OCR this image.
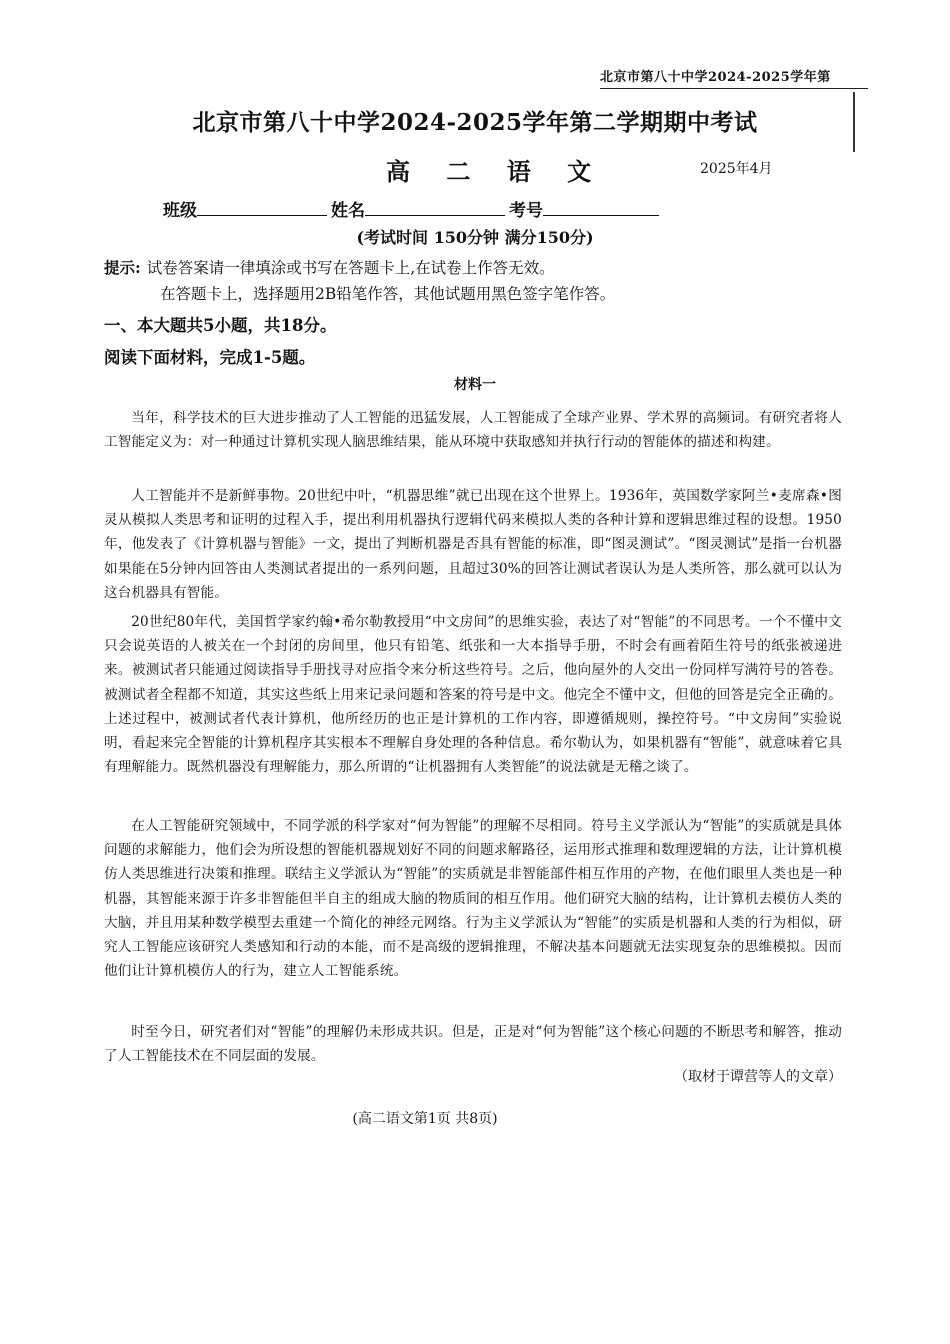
北京市第八十中学2024-2025学年第
北京市第八十中学2024-2025学年第二学期期中考试
高 二 语 文	2025年4月
班级	姓名	考号
(考试时间 150分钟 满分150分)
提示: 试卷答案请一律填涂或书写在答题卡上,在试卷上作答无效。
在答题卡上，选择题用2B铅笔作答，其他试题用黑色签字笔作答。
一、本大题共5小题，共18分。
阅读下面材料，完成1-5题。
材料一

当年，科学技术的巨大进步推动了人工智能的迅猛发展，人工智能成了全球产业界、学术界的高频词。有研究者将人工智能定义为：对一种通过计算机实现人脑思维结果，能从环境中获取感知并执行行动的智能体的描述和构建。

人工智能并不是新鲜事物。20世纪中叶，“机器思维”就已出现在这个世界上。1936年，英国数学家阿兰•麦席森•图灵从模拟人类思考和证明的过程入手，提出利用机器执行逻辑代码来模拟人类的各种计算和逻辑思维过程的设想。1950年，他发表了《计算机器与智能》一文，提出了判断机器是否具有智能的标准，即“图灵测试”。“图灵测试”是指一台机器如果能在5分钟内回答由人类测试者提出的一系列问题，且超过30%的回答让测试者误认为是人类所答，那么就可以认为这台机器具有智能。

20世纪80年代，美国哲学家约翰•希尔勒教授用“中文房间”的思维实验，表达了对“智能”的不同思考。一个不懂中文只会说英语的人被关在一个封闭的房间里，他只有铅笔、纸张和一大本指导手册，不时会有画着陌生符号的纸张被递进来。被测试者只能通过阅读指导手册找寻对应指令来分析这些符号。之后，他向屋外的人交出一份同样写满符号的答卷。被测试者全程都不知道，其实这些纸上用来记录问题和答案的符号是中文。他完全不懂中文，但他的回答是完全正确的。上述过程中，被测试者代表计算机，他所经历的也正是计算机的工作内容，即遵循规则，操控符号。“中文房间”实验说明，看起来完全智能的计算机程序其实根本不理解自身处理的各种信息。希尔勒认为，如果机器有“智能”，就意味着它具有理解能力。既然机器没有理解能力，那么所谓的“让机器拥有人类智能”的说法就是无稽之谈了。

在人工智能研究领域中，不同学派的科学家对“何为智能”的理解不尽相同。符号主义学派认为“智能”的实质就是具体问题的求解能力，他们会为所设想的智能机器规划好不同的问题求解路径，运用形式推理和数理逻辑的方法，让计算机模仿人类思维进行决策和推理。联结主义学派认为“智能”的实质就是非智能部件相互作用的产物，在他们眼里人类也是一种机器，其智能来源于许多非智能但半自主的组成大脑的物质间的相互作用。他们研究大脑的结构，让计算机去模仿人类的大脑，并且用某种数学模型去重建一个简化的神经元网络。行为主义学派认为“智能”的实质是机器和人类的行为相似，研究人工智能应该研究人类感知和行动的本能，而不是高级的逻辑推理，不解决基本问题就无法实现复杂的思维模拟。因而他们让计算机模仿人的行为，建立人工智能系统。

时至今日，研究者们对“智能”的理解仍未形成共识。但是，正是对“何为智能”这个核心问题的不断思考和解答，推动了人工智能技术在不同层面的发展。

（取材于谭营等人的文章）
(高二语文第1页 共8页)
